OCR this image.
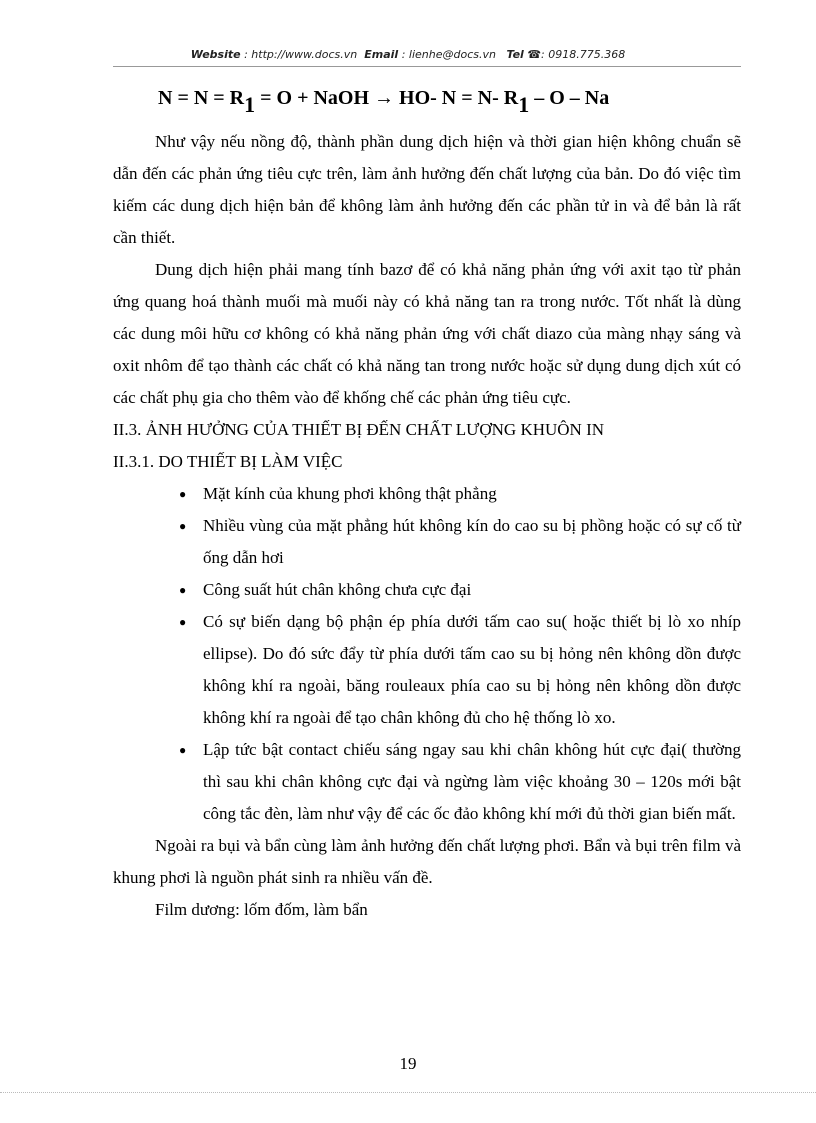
Website : http://www.docs.vn Email : lienhe@docs.vn Tel ☎: 0918.775.368
N = N = R1 = O + NaOH → HO- N = N- R1 – O – Na

Như vậy nếu nồng độ, thành phần dung dịch hiện và thời gian hiện không chuẩn sẽ dẫn đến các phản ứng tiêu cực trên, làm ảnh hưởng đến chất lượng của bản. Do đó việc tìm kiếm các dung dịch hiện bản để không làm ảnh hưởng đến các phần tử in và để bản là rất cần thiết.

Dung dịch hiện phải mang tính bazơ để có khả năng phản ứng với axit tạo từ phản ứng quang hoá thành muối mà muối này có khả năng tan ra trong nước. Tốt nhất là dùng các dung môi hữu cơ không có khả năng phản ứng với chất diazo của màng nhạy sáng và oxit nhôm để tạo thành các chất có khả năng tan trong nước hoặc sử dụng dung dịch xút có các chất phụ gia cho thêm vào để khống chế các phản ứng tiêu cực.

II.3. ẢNH HƯỞNG CỦA THIẾT BỊ ĐẾN CHẤT LƯỢNG KHUÔN IN

II.3.1. DO THIẾT BỊ LÀM VIỆC

● Mặt kính của khung phơi không thật phẳng
● Nhiều vùng của mặt phẳng hút không kín do cao su bị phồng hoặc có sự cố từ ống dẫn hơi
● Công suất hút chân không chưa cực đại
● Có sự biến dạng bộ phận ép phía dưới tấm cao su( hoặc thiết bị lò xo nhíp ellipse). Do đó sức đẩy từ phía dưới tấm cao su bị hỏng nên không dồn được không khí ra ngoài, băng rouleaux phía cao su bị hỏng nên không dồn được không khí ra ngoài để tạo chân không đủ cho hệ thống lò xo.
● Lập tức bật contact chiếu sáng ngay sau khi chân không hút cực đại( thường thì sau khi chân không cực đại và ngừng làm việc khoảng 30 – 120s mới bật công tắc đèn, làm như vậy để các ốc đảo không khí mới đủ thời gian biến mất.

Ngoài ra bụi và bẩn cùng làm ảnh hưởng đến chất lượng phơi. Bẩn và bụi trên film và khung phơi là nguồn phát sinh ra nhiều vấn đề.

Film dương: lốm đốm, làm bẩn

19
